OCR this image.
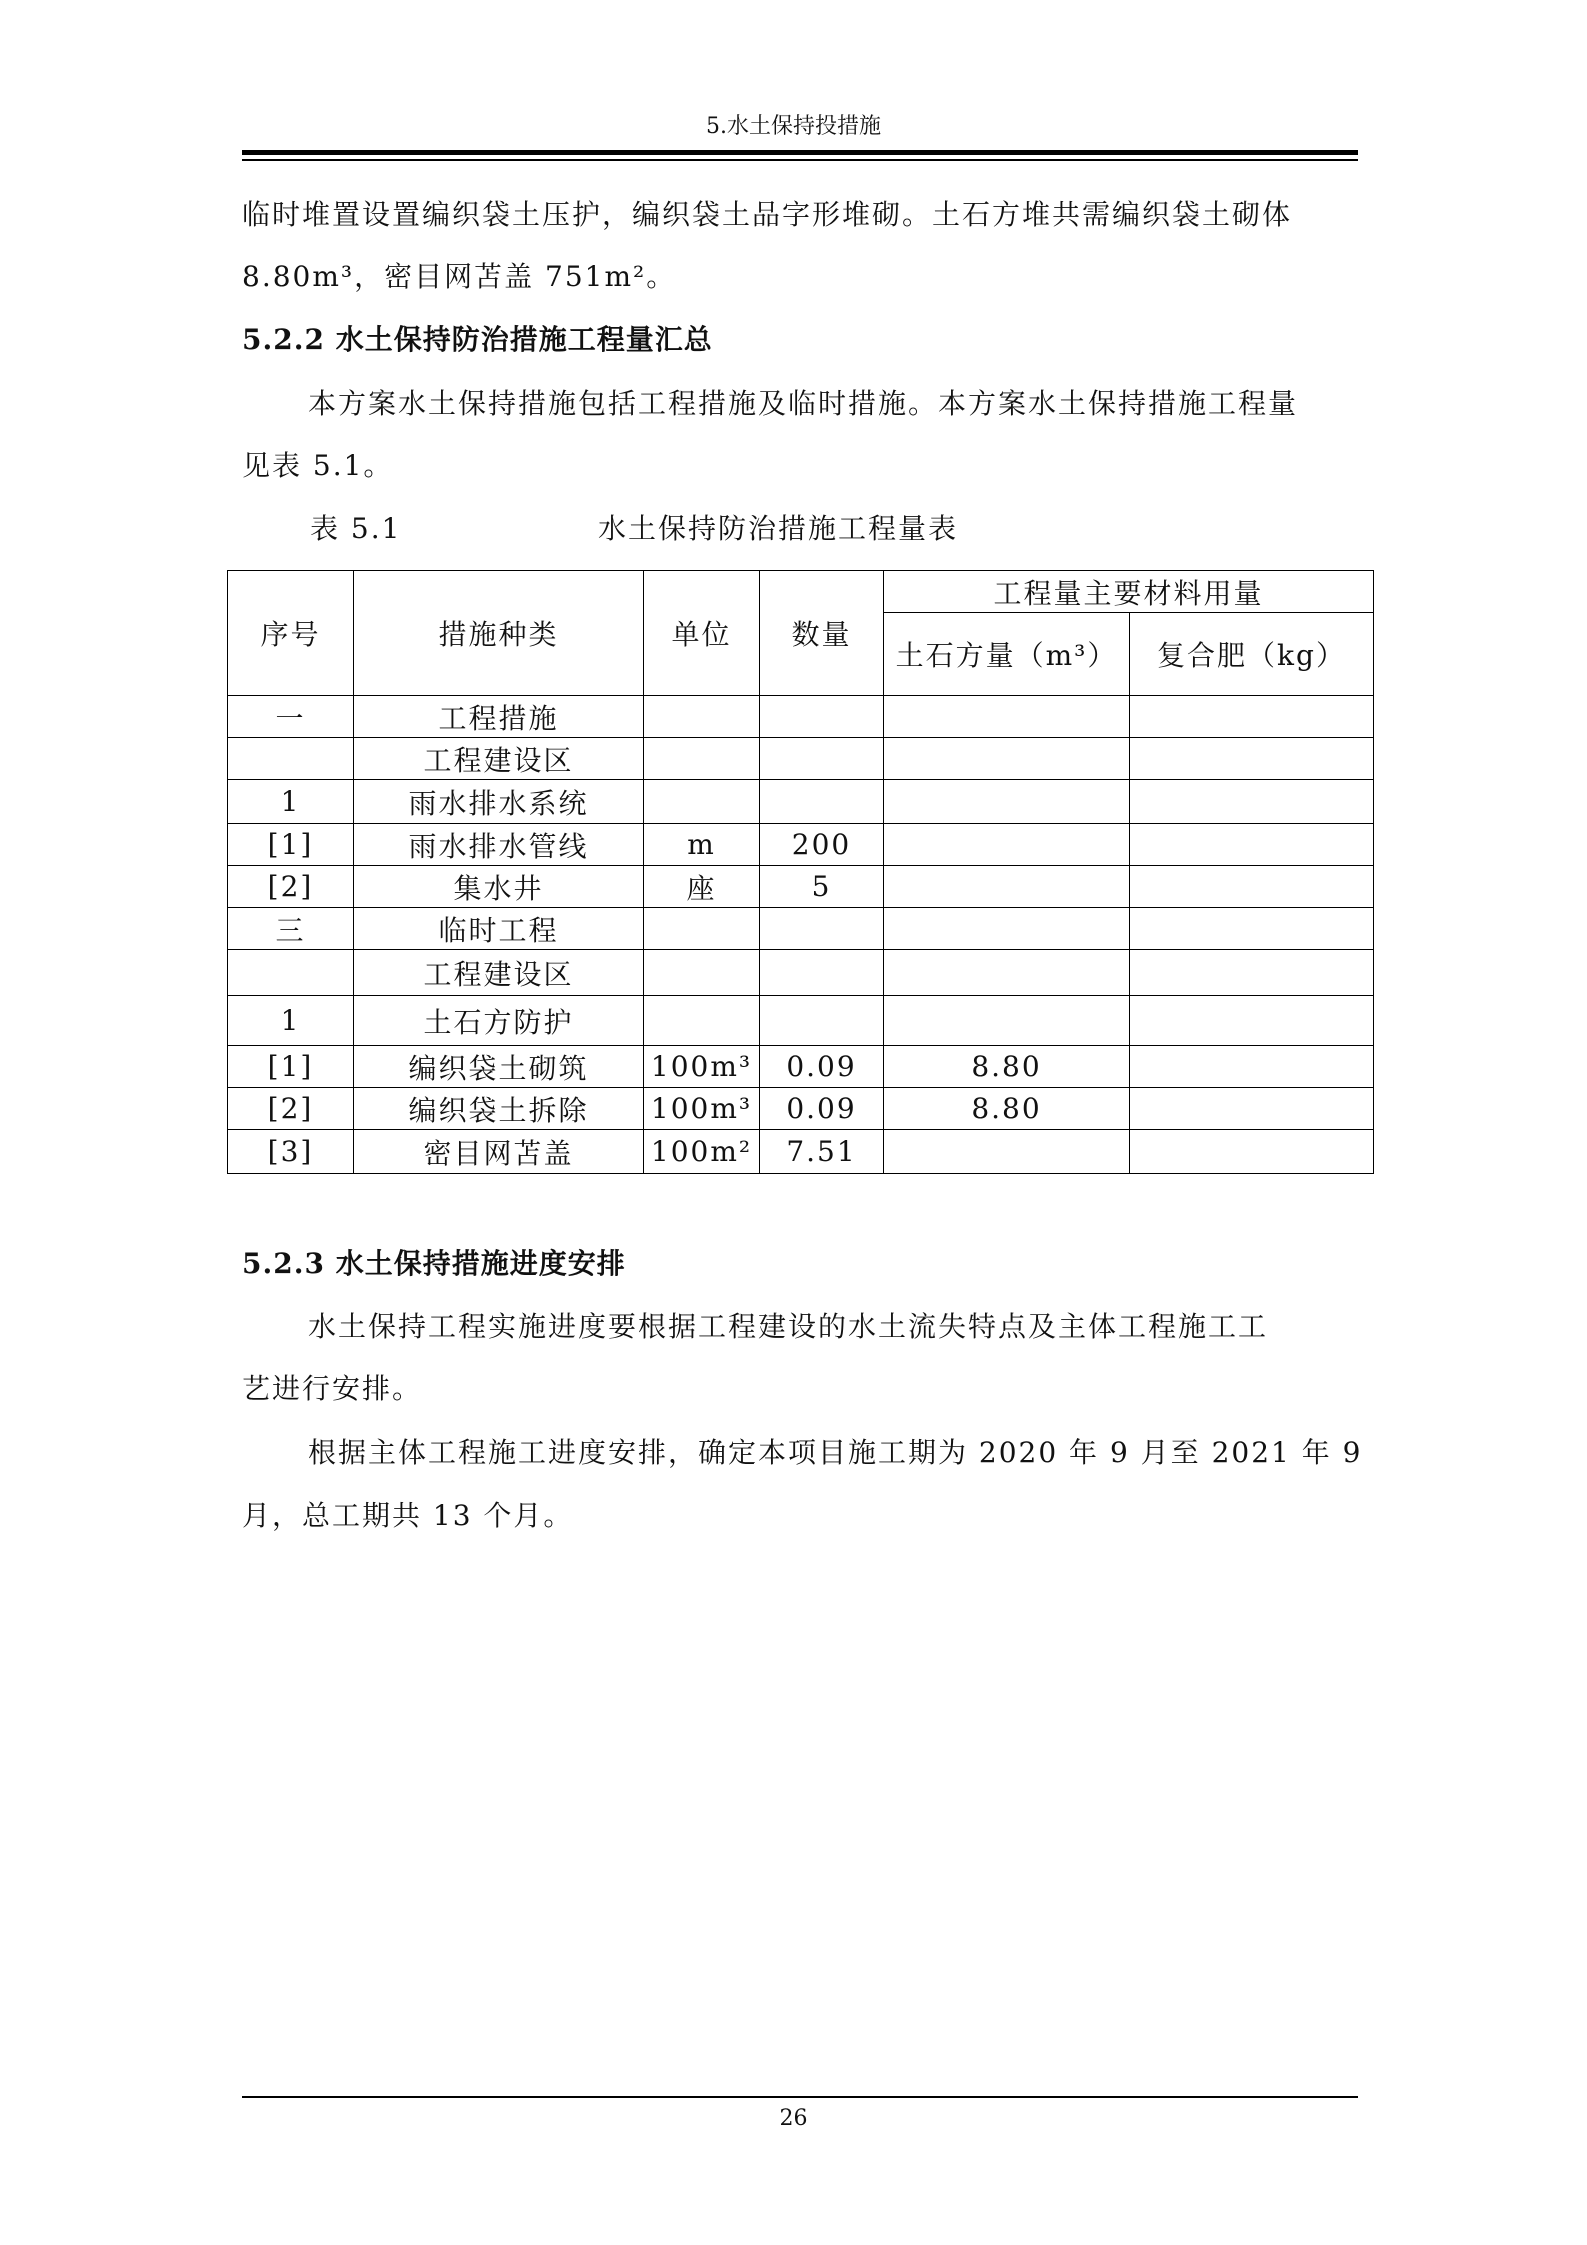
5.水土保持投措施
临时堆置设置编织袋土压护，编织袋土品字形堆砌。土石方堆共需编织袋土砌体
8.80m³，密目网苫盖 751m²。
5.2.2 水土保持防治措施工程量汇总
本方案水土保持措施包括工程措施及临时措施。本方案水土保持措施工程量
见表 5.1。
表 5.1	水土保持防治措施工程量表
序号	措施种类	单位	数量	工程量主要材料用量	
				土石方量（m³）	复合肥（kg）
一	工程措施				
	工程建设区				
1	雨水排水系统				
[1]	雨水排水管线	m	200		
[2]	集水井	座	5		
三	临时工程				
	工程建设区				
1	土石方防护				
[1]	编织袋土砌筑	100m³	0.09	8.80	
[2]	编织袋土拆除	100m³	0.09	8.80	
[3]	密目网苫盖	100m²	7.51		
5.2.3 水土保持措施进度安排
水土保持工程实施进度要根据工程建设的水土流失特点及主体工程施工工
艺进行安排。
根据主体工程施工进度安排，确定本项目施工期为 2020 年 9 月至 2021 年 9
月，总工期共 13 个月。
26
